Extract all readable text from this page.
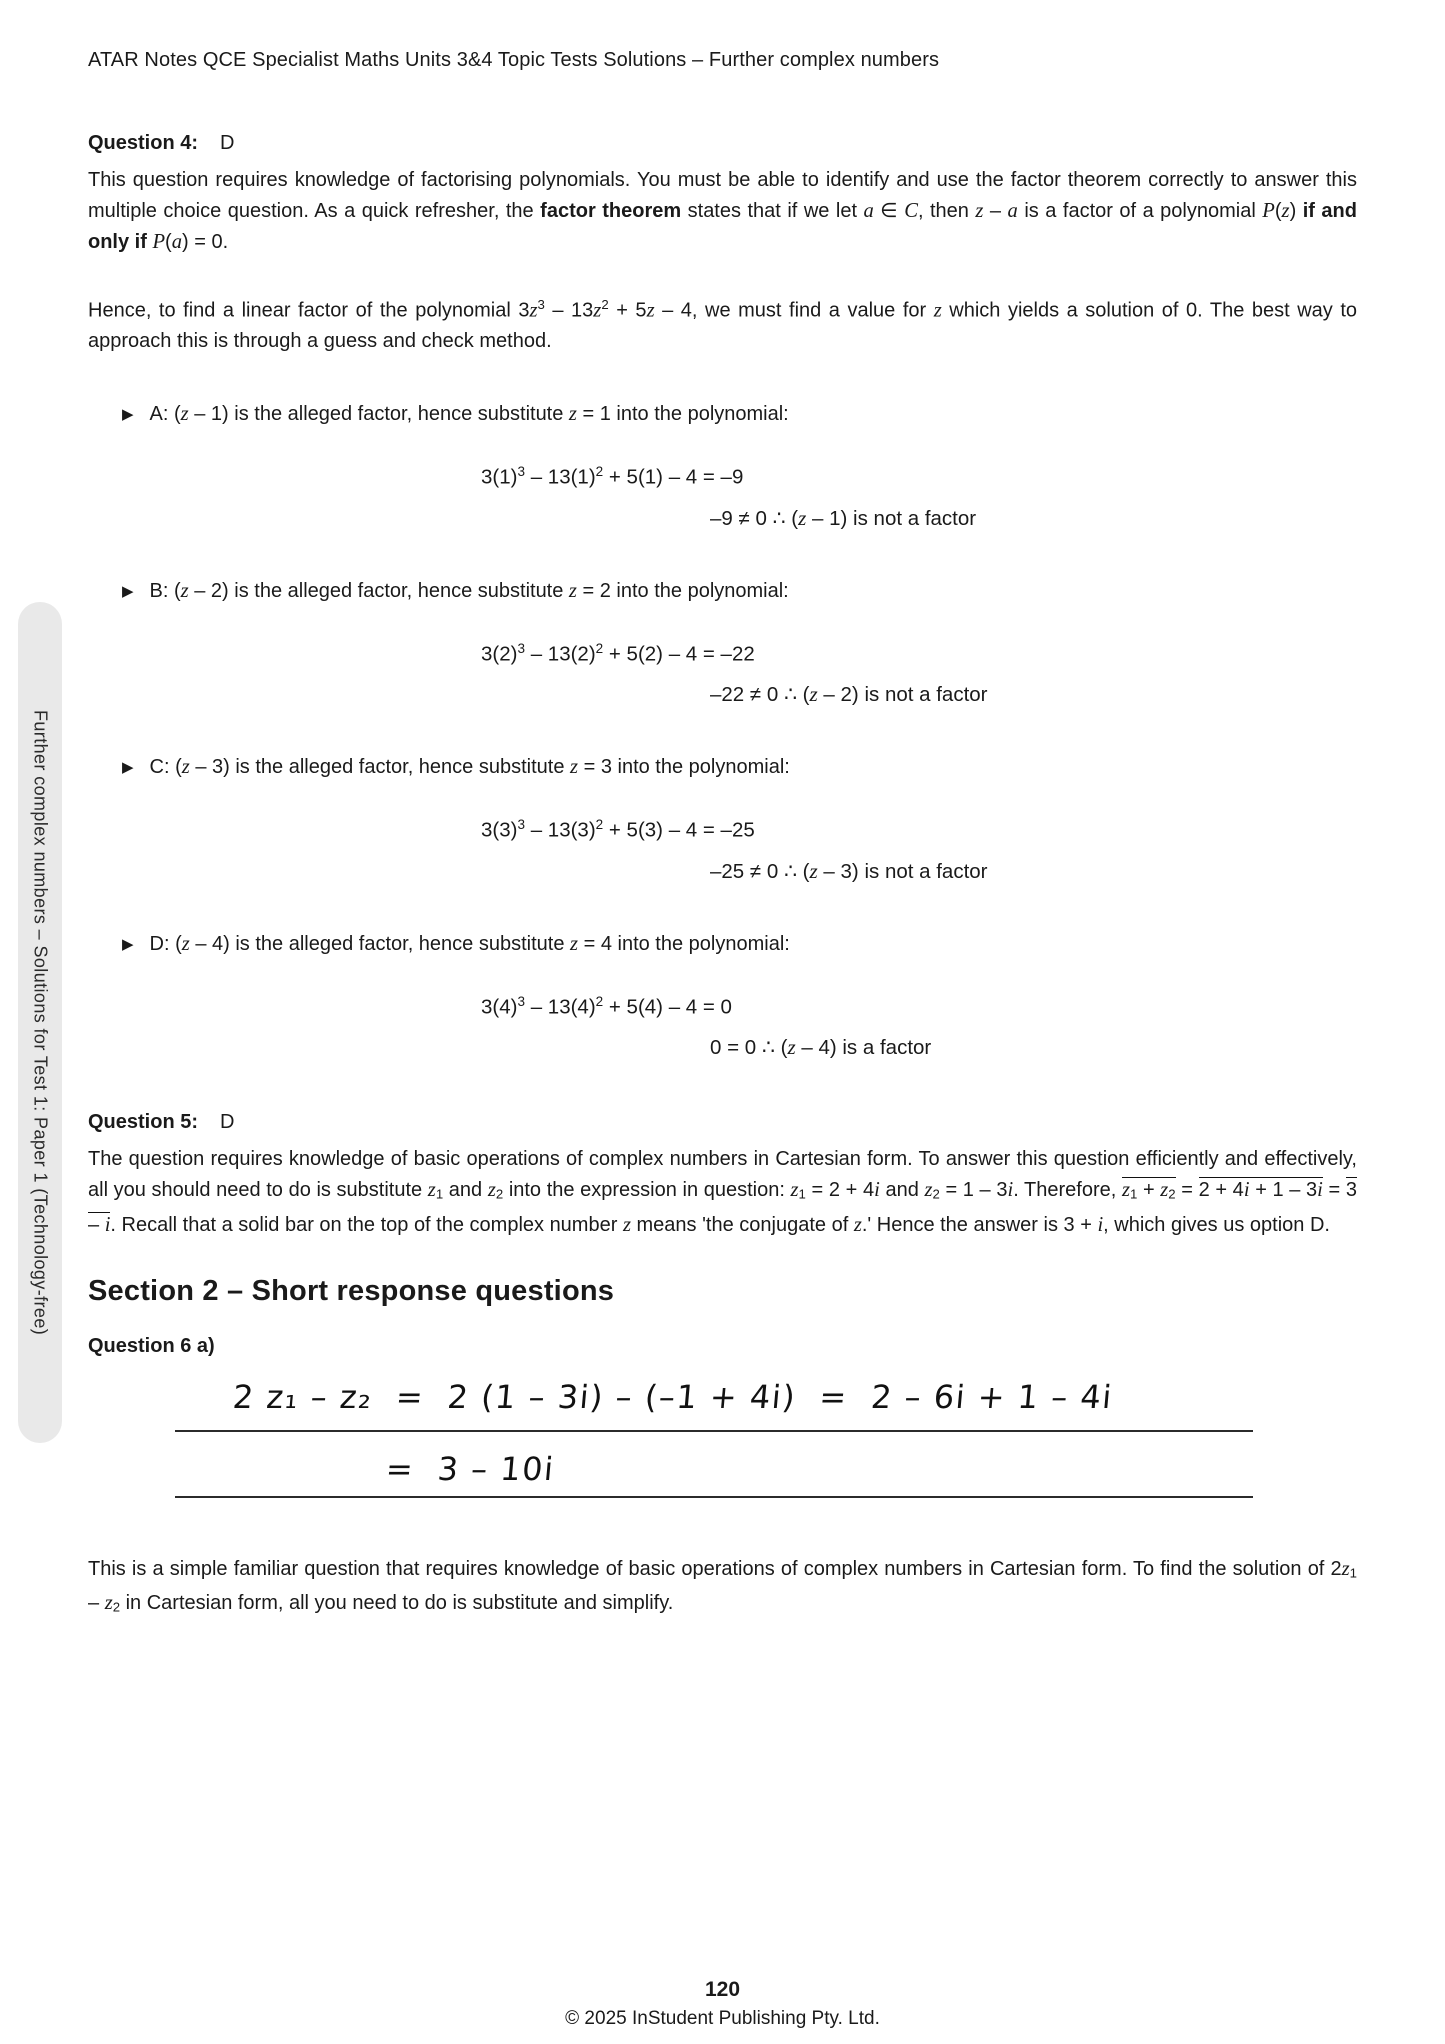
Further complex numbers – Solutions for Test 1: Paper 1 (Technology-free)
ATAR Notes QCE Specialist Maths Units 3&4 Topic Tests Solutions – Further complex numbers
Question 4: D

This question requires knowledge of factorising polynomials. You must be able to identify and use the factor theorem correctly to answer this multiple choice question. As a quick refresher, the factor theorem states that if we let a ∈ C, then z – a is a factor of a polynomial P(z) if and only if P(a) = 0.

Hence, to find a linear factor of the polynomial $3z^3 - 13z^2 + 5z - 4$, we must find a value for z which yields a solution of 0. The best way to approach this is through a guess and check method.

▶ A: (z – 1) is the alleged factor, hence substitute z = 1 into the polynomial:

$3(1)^3 - 13(1)^2 + 5(1) - 4 = -9$
–9 ≠ 0 ∴ (z – 1) is not a factor

▶ B: (z – 2) is the alleged factor, hence substitute z = 2 into the polynomial:

$3(2)^3 - 13(2)^2 + 5(2) - 4 = -22$
–22 ≠ 0 ∴ (z – 2) is not a factor

▶ C: (z – 3) is the alleged factor, hence substitute z = 3 into the polynomial:

$3(3)^3 - 13(3)^2 + 5(3) - 4 = -25$
–25 ≠ 0 ∴ (z – 3) is not a factor

▶ D: (z – 4) is the alleged factor, hence substitute z = 4 into the polynomial:

$3(4)^3 - 13(4)^2 + 5(4) - 4 = 0$
0 = 0 ∴ (z – 4) is a factor
Question 5: D

The question requires knowledge of basic operations of complex numbers in Cartesian form. To answer this question efficiently and effectively, all you should need to do is substitute $z_1$ and $z_2$ into the expression in question: $z_1 = 2 + 4i$ and $z_2 = 1 - 3i$. Therefore, $z_1 + z_2 = 2 + 4i + 1 - 3i = 3 - i$. Recall that a solid bar on the top of the complex number z means 'the conjugate of z.' Hence the answer is 3 + i, which gives us option D.

Section 2 – Short response questions
Question 6 a)
2 z₁ – z₂  =  2 (1 – 3i) – (–1 + 4i)  =  2 – 6i + 1 – 4i
=  3 – 10i

This is a simple familiar question that requires knowledge of basic operations of complex numbers in Cartesian form. To find the solution of $2z_1 - z_2$ in Cartesian form, all you need to do is substitute and simplify.

120
© 2025 InStudent Publishing Pty. Ltd.
